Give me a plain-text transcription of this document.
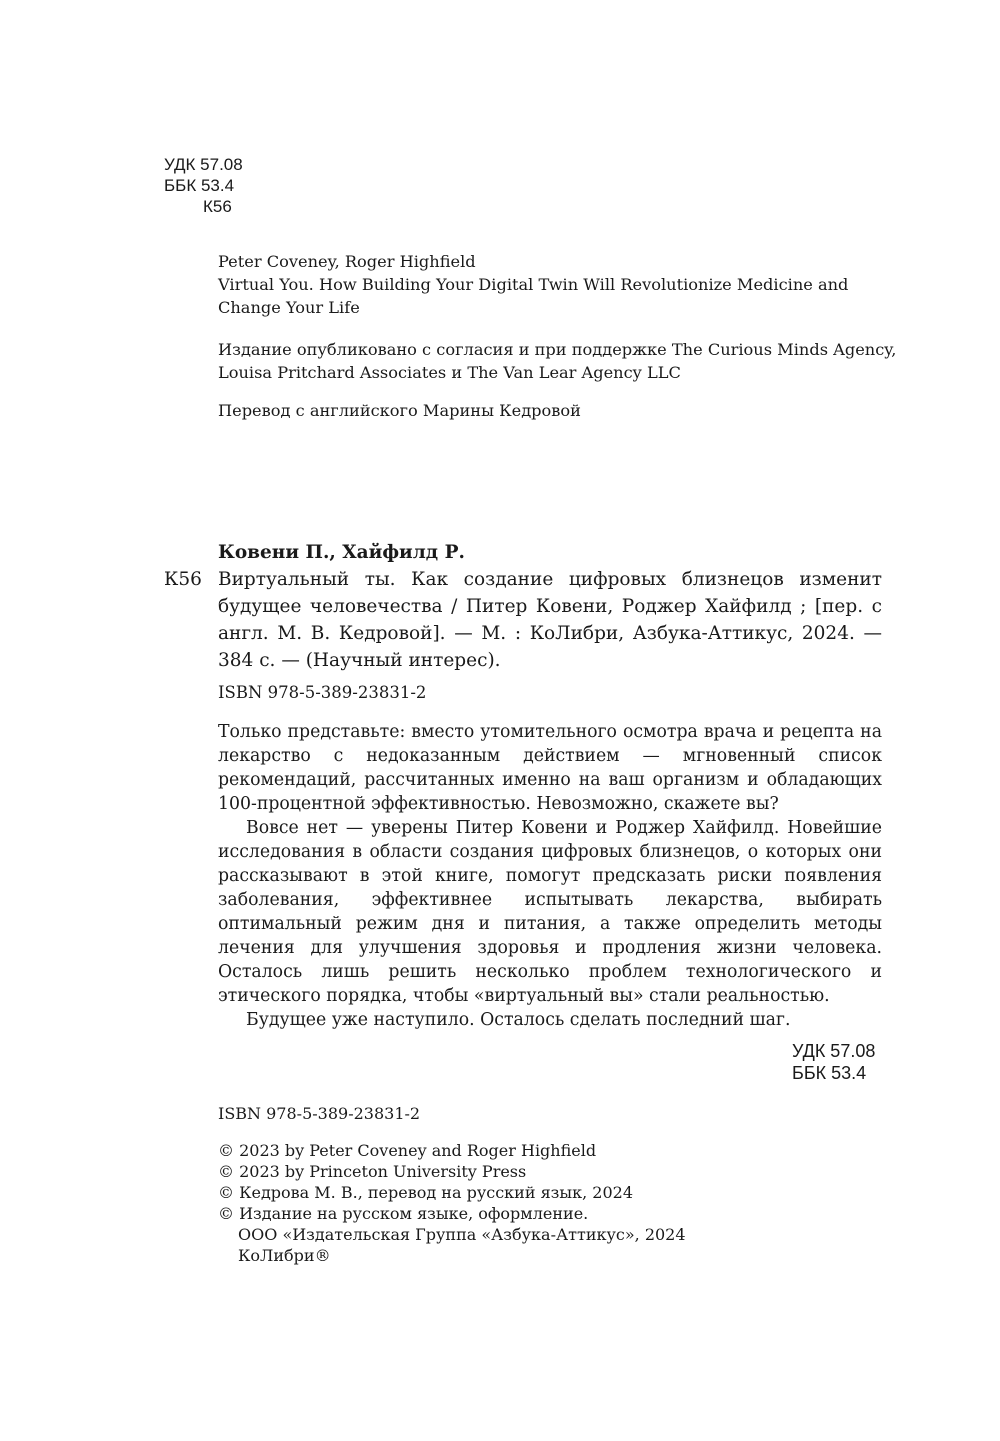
УДК 57.08
ББК 53.4
К56

Peter Coveney, Roger Highfield

Virtual You. How Building Your Digital Twin Will Revolutionize Medicine and

Change Your Life

Издание опубликовано с согласия и при поддержке The Curious Minds Agency,

Louisa Pritchard Associates и The Van Lear Agency LLC

Перевод с английского Марины Кедровой

Ковени П., Хайфилд Р.
К56 Виртуальный ты. Как создание цифровых близнецов изменит будущее человечества / Питер Ковени, Роджер Хайфилд ; [пер. с англ. М. В. Кедровой]. — М. : КоЛибри, Азбука-Аттикус, 2024. — 384 с. — (Научный интерес).
ISBN 978-5-389-23831-2

Только представьте: вместо утомительного осмотра врача и рецепта на лекарство с недоказанным действием — мгновенный список рекомендаций, рассчитанных именно на ваш организм и обладающих 100-процентной эффективностью. Невозможно, скажете вы?

Вовсе нет — уверены Питер Ковени и Роджер Хайфилд. Новейшие исследования в области создания цифровых близнецов, о которых они рассказывают в этой книге, помогут предсказать риски появления заболевания, эффективнее испытывать лекарства, выбирать оптимальный режим дня и питания, а также определить методы лечения для улучшения здоровья и продления жизни человека. Осталось лишь решить несколько проблем технологического и этического порядка, чтобы «виртуальный вы» стали реальностью.

Будущее уже наступило. Осталось сделать последний шаг.

УДК 57.08
ББК 53.4
ISBN 978-5-389-23831-2
© 2023 by Peter Coveney and Roger Highfield
© 2023 by Princeton University Press
© Кедрова М. В., перевод на русский язык, 2024
© Издание на русском языке, оформление.
ООО «Издательская Группа «Азбука-Аттикус», 2024
КоЛибри®
